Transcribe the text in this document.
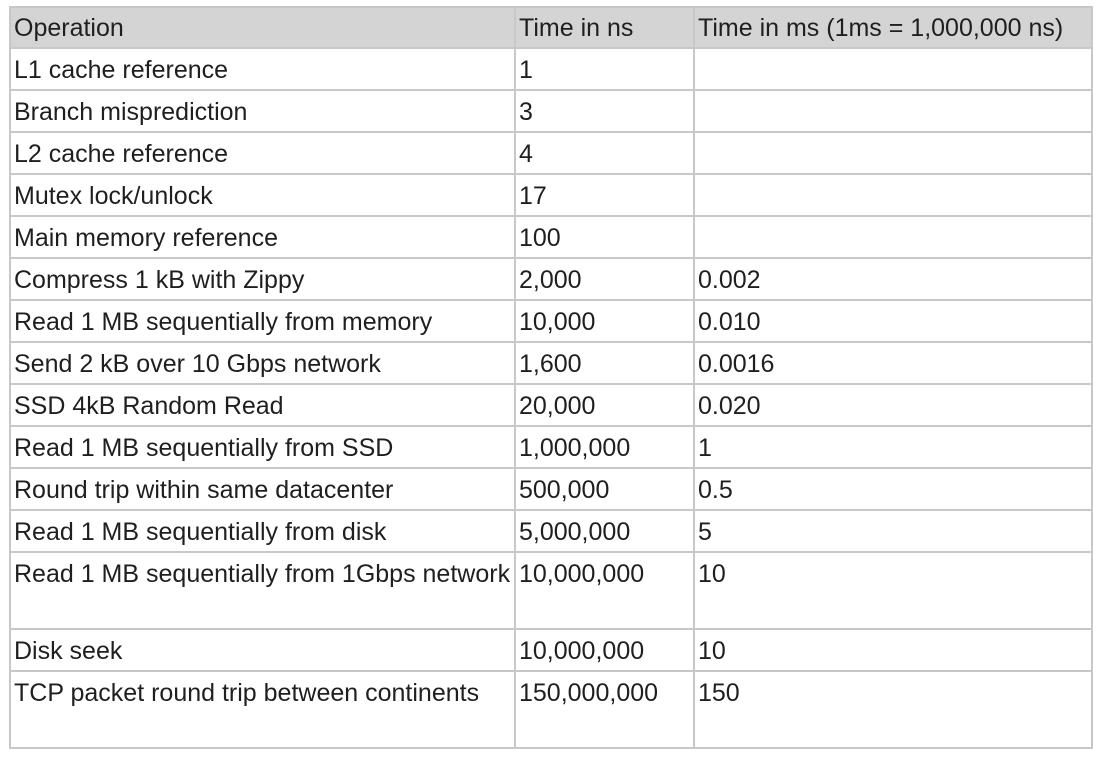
Operation	Time in ns	Time in ms (1ms = 1,000,000 ns)
L1 cache reference	1	
Branch misprediction	3	
L2 cache reference	4	
Mutex lock/unlock	17	
Main memory reference	100	
Compress 1 kB with Zippy	2,000	0.002
Read 1 MB sequentially from memory	10,000	0.010
Send 2 kB over 10 Gbps network	1,600	0.0016
SSD 4kB Random Read	20,000	0.020
Read 1 MB sequentially from SSD	1,000,000	1
Round trip within same datacenter	500,000	0.5
Read 1 MB sequentially from disk	5,000,000	5
Read 1 MB sequentially from 1Gbps network	10,000,000	10
Disk seek	10,000,000	10
TCP packet round trip between continents	150,000,000	150
